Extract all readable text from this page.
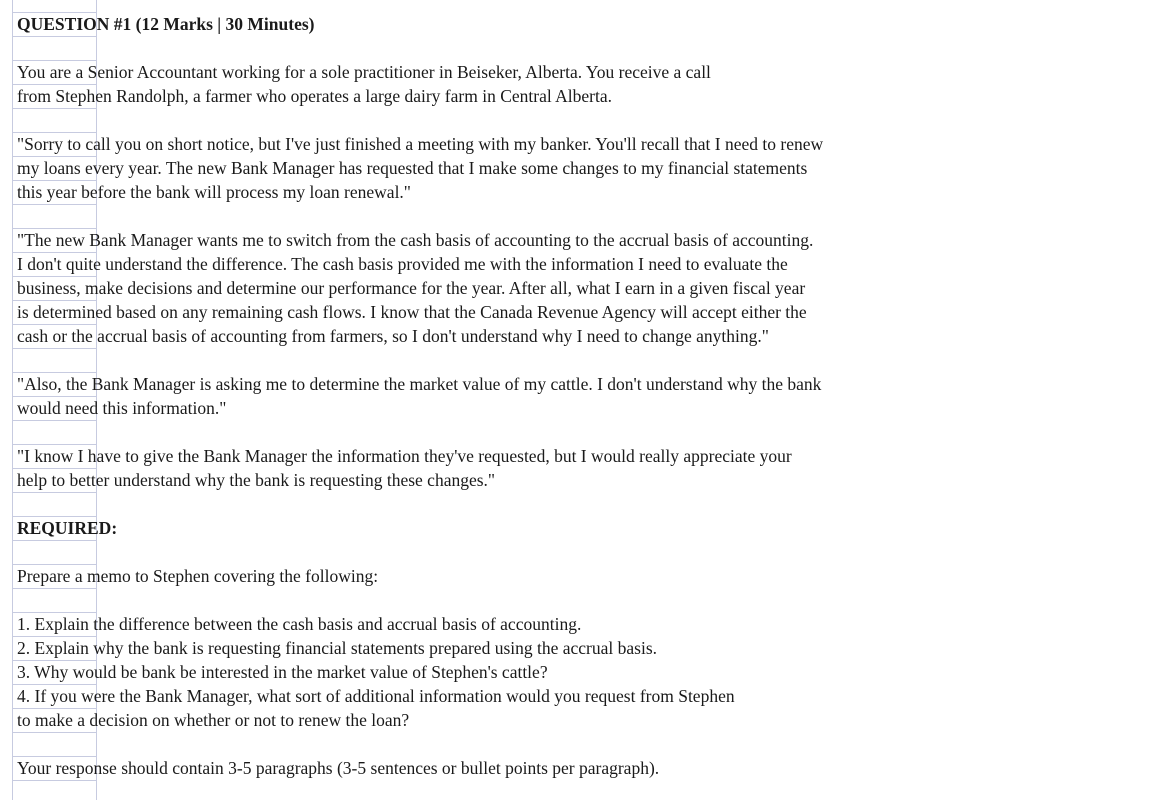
QUESTION #1 (12 Marks | 30 Minutes)
You are a Senior Accountant working for a sole practitioner in Beiseker, Alberta. You receive a call
from Stephen Randolph, a farmer who operates a large dairy farm in Central Alberta.
"Sorry to call you on short notice, but I've just finished a meeting with my banker. You'll recall that I need to renew
my loans every year. The new Bank Manager has requested that I make some changes to my financial statements
this year before the bank will process my loan renewal."
"The new Bank Manager wants me to switch from the cash basis of accounting to the accrual basis of accounting.
I don't quite understand the difference. The cash basis provided me with the information I need to evaluate the
business, make decisions and determine our performance for the year. After all, what I earn in a given fiscal year
is determined based on any remaining cash flows. I know that the Canada Revenue Agency will accept either the
cash or the accrual basis of accounting from farmers, so I don't understand why I need to change anything."
"Also, the Bank Manager is asking me to determine the market value of my cattle. I don't understand why the bank
would need this information."
"I know I have to give the Bank Manager the information they've requested, but I would really appreciate your
help to better understand why the bank is requesting these changes."
REQUIRED:
Prepare a memo to Stephen covering the following:
1. Explain the difference between the cash basis and accrual basis of accounting.
2. Explain why the bank is requesting financial statements prepared using the accrual basis.
3. Why would be bank be interested in the market value of Stephen's cattle?
4. If you were the Bank Manager, what sort of additional information would you request from Stephen
to make a decision on whether or not to renew the loan?
Your response should contain 3-5 paragraphs (3-5 sentences or bullet points per paragraph).
